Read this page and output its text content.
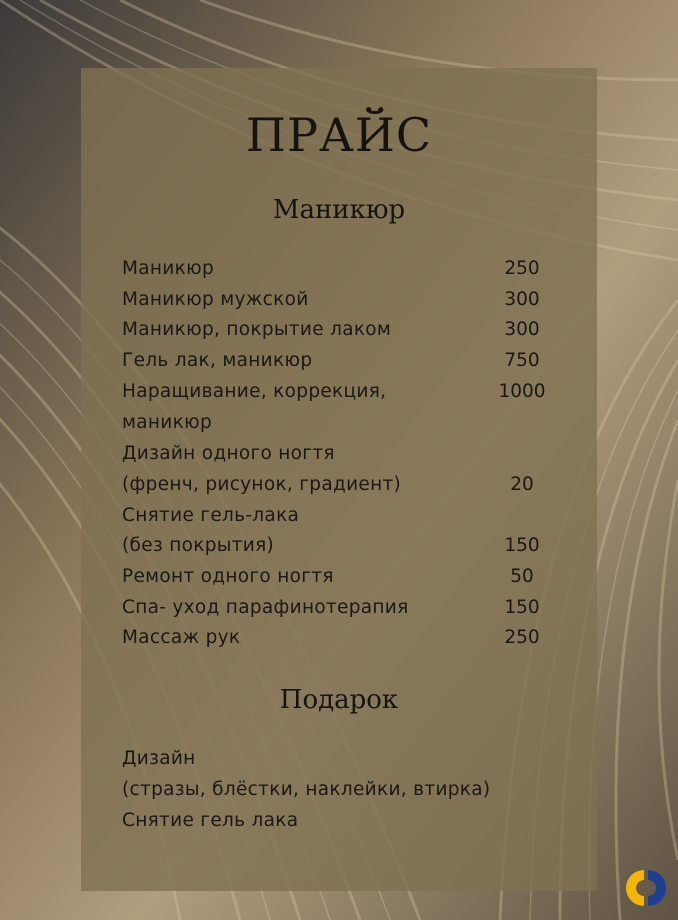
ПРАЙС
Маникюр
Маникюр	250
Маникюр мужской	300
Маникюр, покрытие лаком	300
Гель лак, маникюр	750
Наращивание, коррекция,	1000
маникюр
Дизайн одного ногтя
(френч, рисунок, градиент)	20
Снятие гель-лака
(без покрытия)	150
Ремонт одного ногтя	50
Спа- уход парафинотерапия	150
Массаж рук	250
Подарок
Дизайн
(стразы, блёстки, наклейки, втирка)
Снятие гель лака
